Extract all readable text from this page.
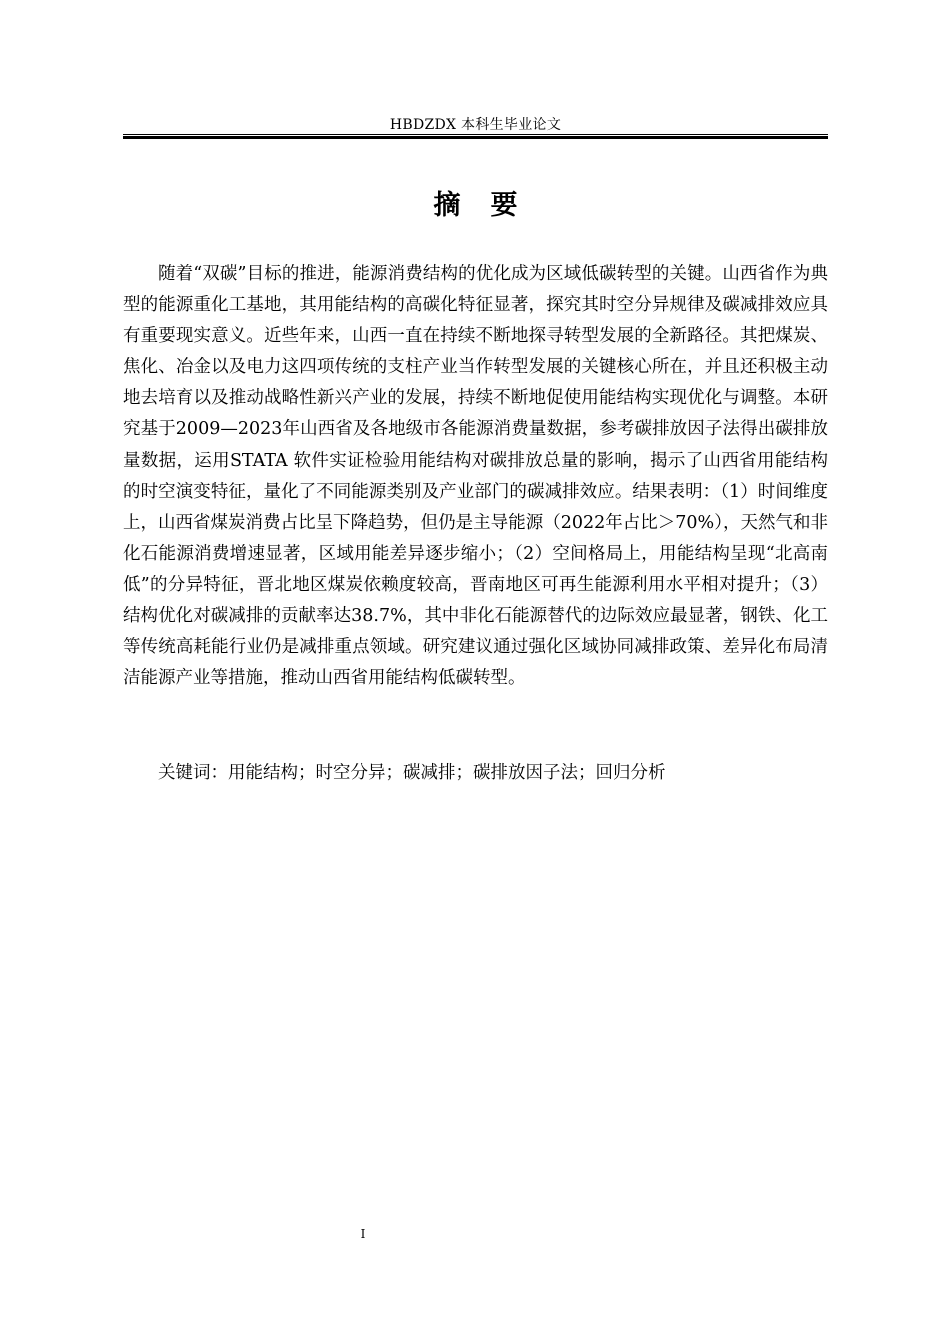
HBDZDX 本科生毕业论文
摘要

随着“双碳”目标的推进，能源消费结构的优化成为区域低碳转型的关键。山西省作为典型的能源重化工基地，其用能结构的高碳化特征显著，探究其时空分异规律及碳减排效应具有重要现实意义。近些年来，山西一直在持续不断地探寻转型发展的全新路径。其把煤炭、焦化、冶金以及电力这四项传统的支柱产业当作转型发展的关键核心所在，并且还积极主动地去培育以及推动战略性新兴产业的发展，持续不断地促使用能结构实现优化与调整。本研究基于2009—2023年山西省及各地级市各能源消费量数据，参考碳排放因子法得出碳排放量数据，运用STATA 软件实证检验用能结构对碳排放总量的影响，揭示了山西省用能结构的时空演变特征，量化了不同能源类别及产业部门的碳减排效应。结果表明：（1）时间维度上，山西省煤炭消费占比呈下降趋势，但仍是主导能源（2022年占比＞70%），天然气和非化石能源消费增速显著，区域用能差异逐步缩小；（2）空间格局上，用能结构呈现“北高南低”的分异特征，晋北地区煤炭依赖度较高，晋南地区可再生能源利用水平相对提升；（3）结构优化对碳减排的贡献率达38.7%，其中非化石能源替代的边际效应最显著，钢铁、化工等传统高耗能行业仍是减排重点领域。研究建议通过强化区域协同减排政策、差异化布局清洁能源产业等措施，推动山西省用能结构低碳转型。

关键词：用能结构；时空分异；碳减排；碳排放因子法；回归分析

I
